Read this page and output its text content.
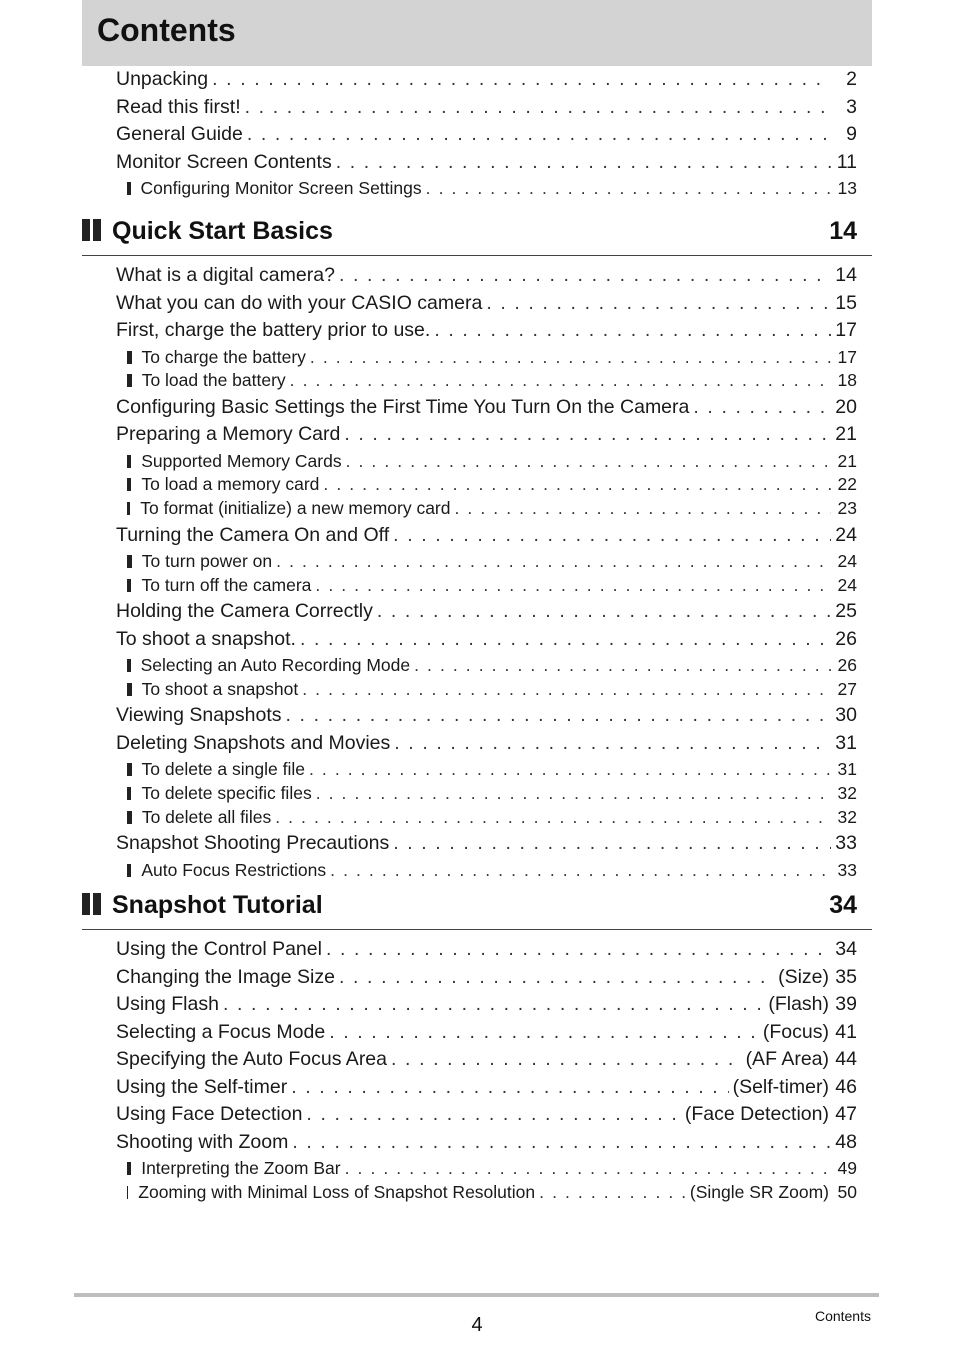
Contents
Unpacking . . .	2
Read this first! . . .	3
General Guide . . .	9
Monitor Screen Contents . . .	11
Configuring Monitor Screen Settings . . .	13
Quick Start Basics	14
What is a digital camera? . . .	14
What you can do with your CASIO camera . . .	15
First, charge the battery prior to use. . . .	17
To charge the battery . . .	17
To load the battery . . .	18
Configuring Basic Settings the First Time You Turn On the Camera . . .	20
Preparing a Memory Card . . .	21
Supported Memory Cards . . .	21
To load a memory card . . .	22
To format (initialize) a new memory card . . .	23
Turning the Camera On and Off . . .	24
To turn power on . . .	24
To turn off the camera . . .	24
Holding the Camera Correctly . . .	25
To shoot a snapshot. . . .	26
Selecting an Auto Recording Mode . . .	26
To shoot a snapshot . . .	27
Viewing Snapshots . . .	30
Deleting Snapshots and Movies . . .	31
To delete a single file . . .	31
To delete specific files . . .	32
To delete all files . . .	32
Snapshot Shooting Precautions . . .	33
Auto Focus Restrictions . . .	33
Snapshot Tutorial	34
Using the Control Panel . . .	34
Changing the Image Size . . .	(Size) 35
Using Flash . . .	(Flash) 39
Selecting a Focus Mode . . .	(Focus) 41
Specifying the Auto Focus Area . . .	(AF Area) 44
Using the Self-timer . . .	(Self-timer) 46
Using Face Detection . . .	(Face Detection) 47
Shooting with Zoom . . .	48
Interpreting the Zoom Bar . . .	49
Zooming with Minimal Loss of Snapshot Resolution . . .	(Single SR Zoom) 50
4	Contents
